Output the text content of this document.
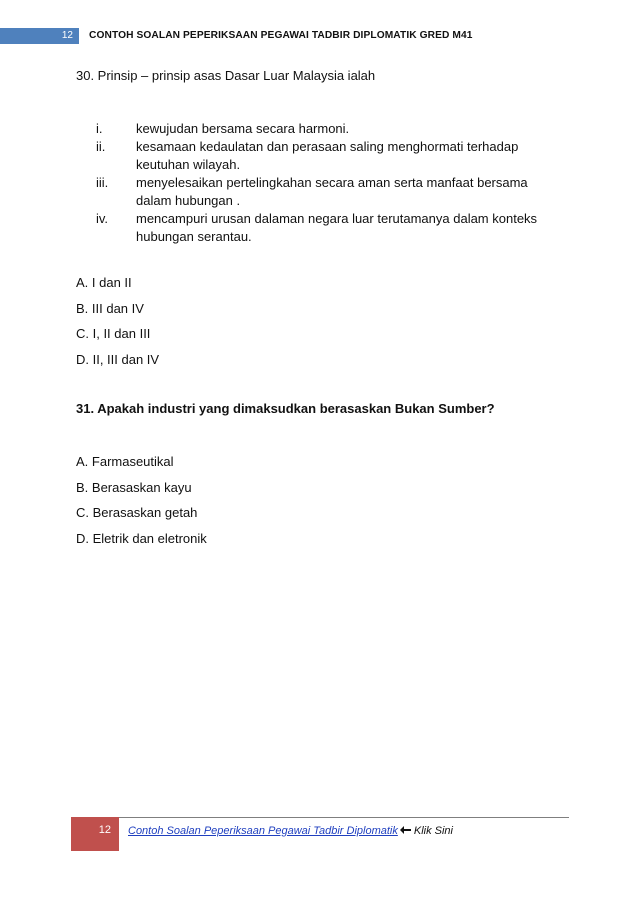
12	CONTOH SOALAN PEPERIKSAAN PEGAWAI TADBIR DIPLOMATIK GRED M41
30. Prinsip – prinsip asas Dasar Luar Malaysia ialah
i.	kewujudan bersama secara harmoni.
ii.	kesamaan kedaulatan dan perasaan saling menghormati terhadap keutuhan wilayah.
iii.	menyelesaikan pertelingkahan secara aman serta manfaat bersama dalam hubungan .
iv.	mencampuri urusan dalaman negara luar terutamanya dalam konteks hubungan serantau.
A. I dan II
B. III dan IV
C. I, II dan III
D. II, III dan IV
31. Apakah industri yang dimaksudkan berasaskan Bukan Sumber?
A. Farmaseutikal
B. Berasaskan kayu
C. Berasaskan getah
D. Eletrik dan eletronik
12	Contoh Soalan Peperiksaan Pegawai Tadbir Diplomatik Klik Sini
